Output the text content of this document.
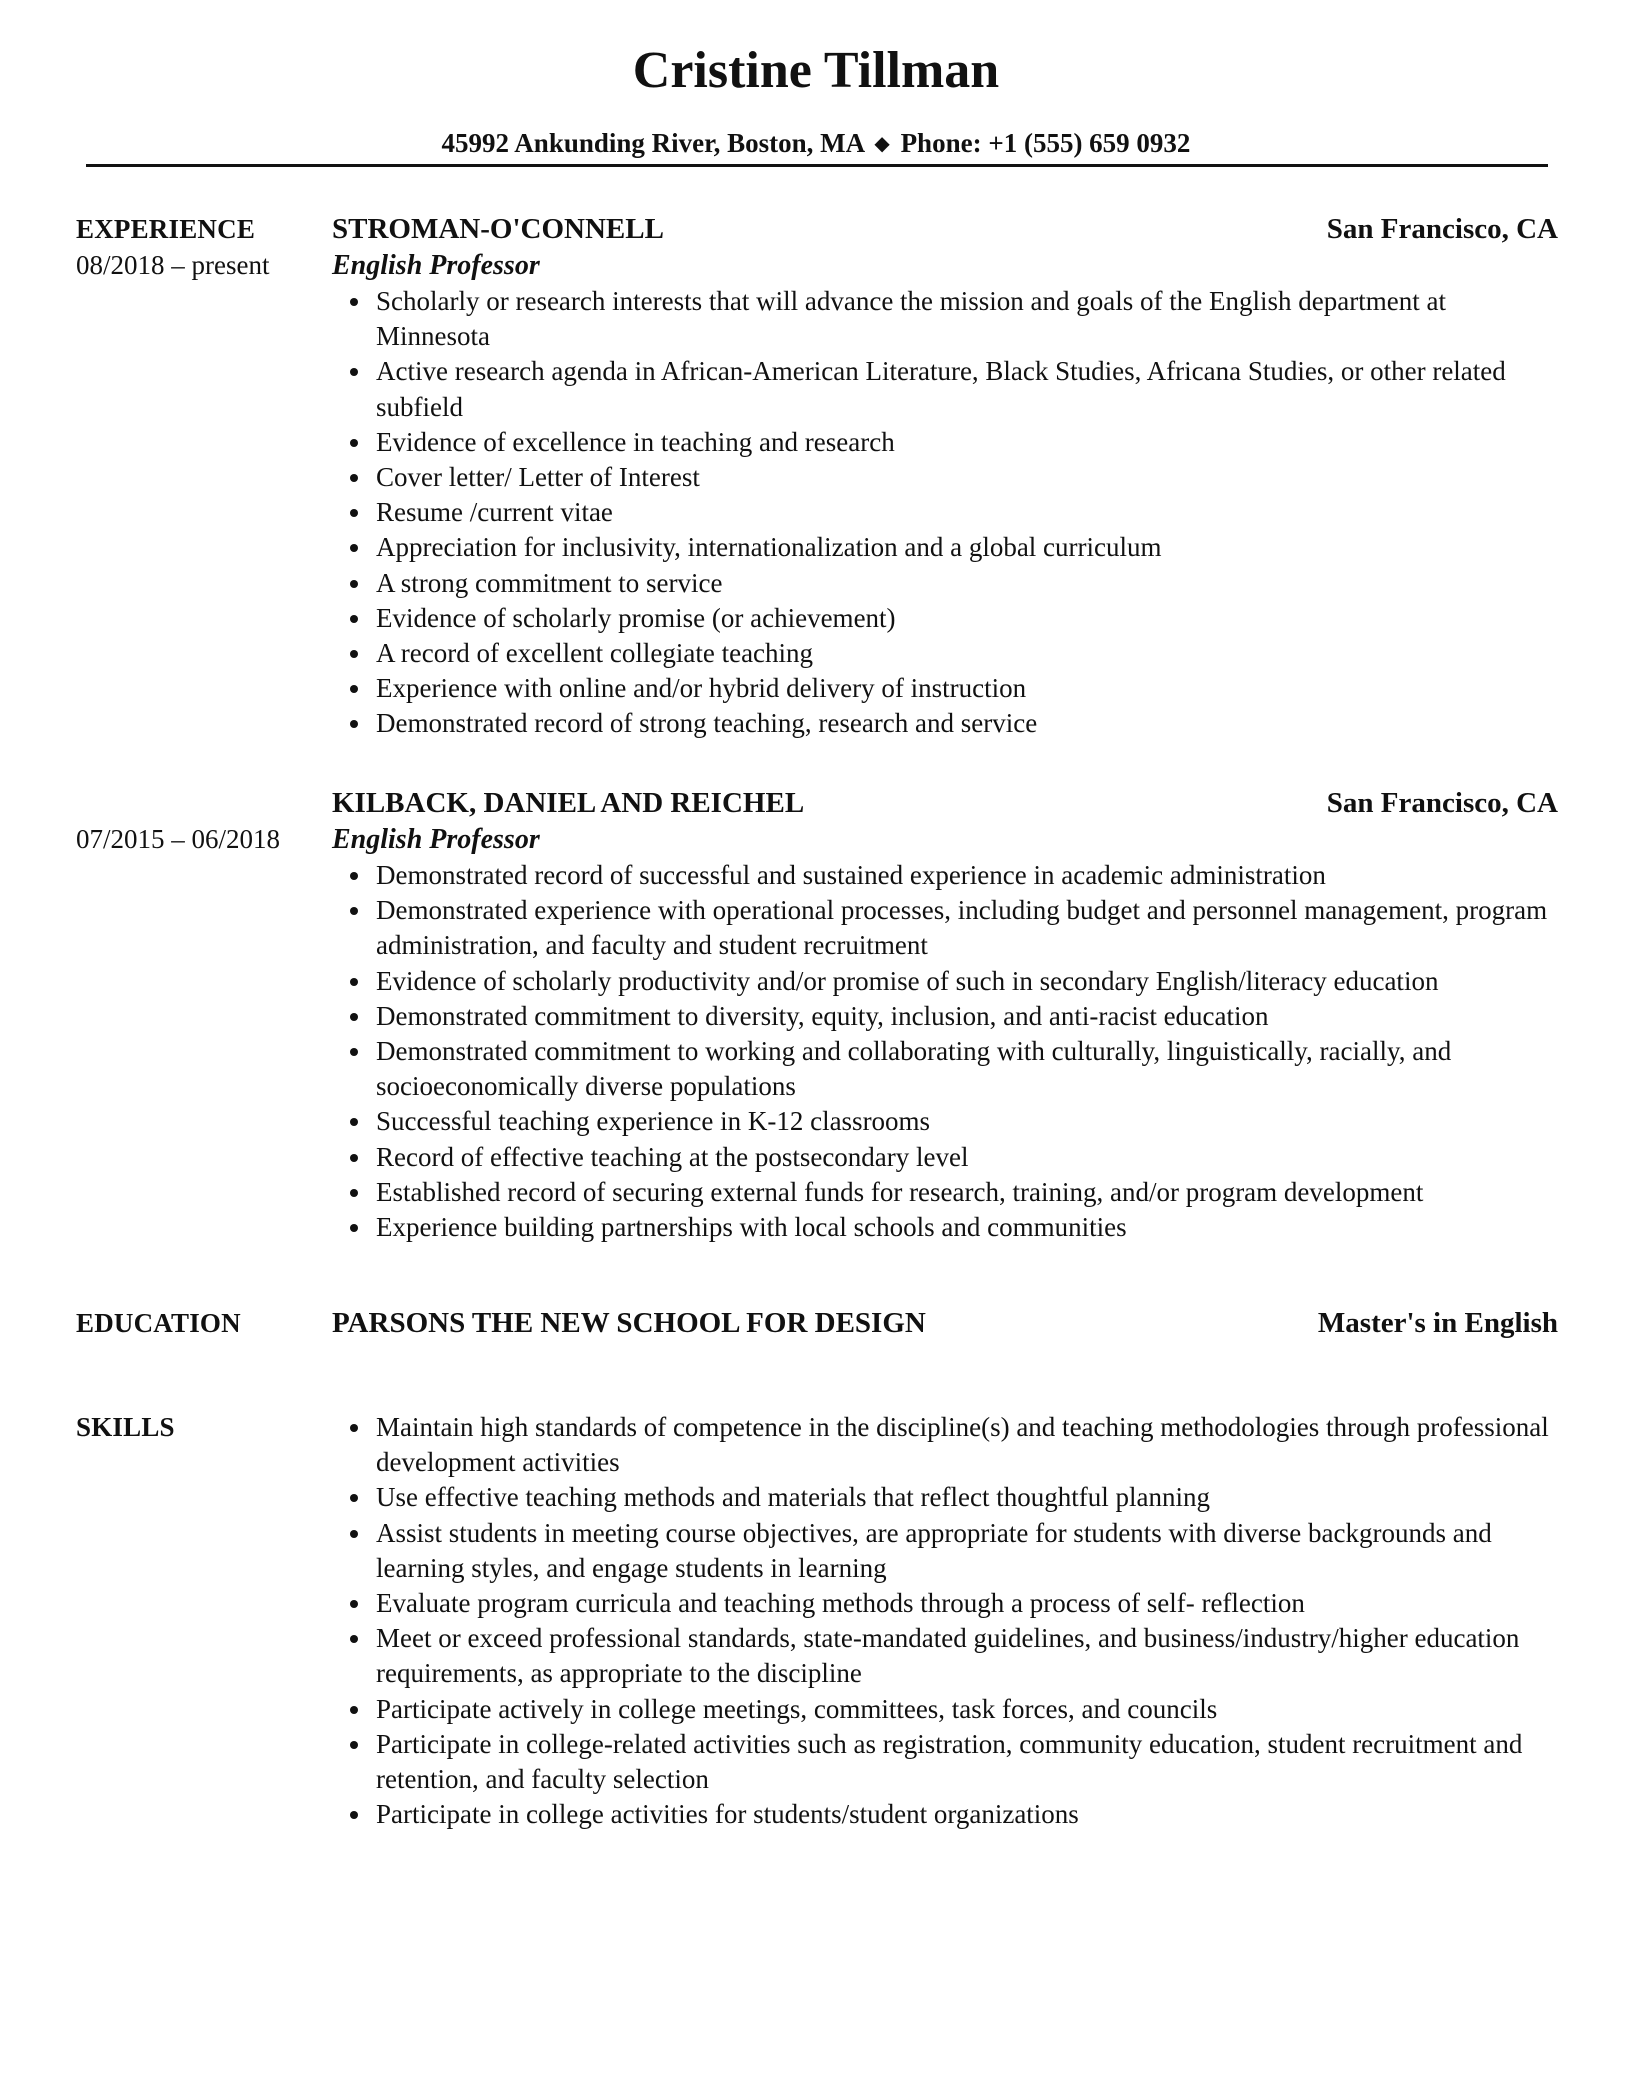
Cristine Tillman
45992 Ankunding River, Boston, MA ◆ Phone: +1 (555) 659 0932
EXPERIENCE
08/2018 – present
STROMAN-O'CONNELL	San Francisco, CA
English Professor
Scholarly or research interests that will advance the mission and goals of the English department at Minnesota
Active research agenda in African-American Literature, Black Studies, Africana Studies, or other related subfield
Evidence of excellence in teaching and research
Cover letter/ Letter of Interest
Resume /current vitae
Appreciation for inclusivity, internationalization and a global curriculum
A strong commitment to service
Evidence of scholarly promise (or achievement)
A record of excellent collegiate teaching
Experience with online and/or hybrid delivery of instruction
Demonstrated record of strong teaching, research and service
07/2015 – 06/2018
KILBACK, DANIEL AND REICHEL	San Francisco, CA
English Professor
Demonstrated record of successful and sustained experience in academic administration
Demonstrated experience with operational processes, including budget and personnel management, program administration, and faculty and student recruitment
Evidence of scholarly productivity and/or promise of such in secondary English/literacy education
Demonstrated commitment to diversity, equity, inclusion, and anti-racist education
Demonstrated commitment to working and collaborating with culturally, linguistically, racially, and socioeconomically diverse populations
Successful teaching experience in K-12 classrooms
Record of effective teaching at the postsecondary level
Established record of securing external funds for research, training, and/or program development
Experience building partnerships with local schools and communities
EDUCATION	PARSONS THE NEW SCHOOL FOR DESIGN	Master's in English
SKILLS	Maintain high standards of competence in the discipline(s) and teaching methodologies through professional development activities
Use effective teaching methods and materials that reflect thoughtful planning
Assist students in meeting course objectives, are appropriate for students with diverse backgrounds and learning styles, and engage students in learning
Evaluate program curricula and teaching methods through a process of self- reflection
Meet or exceed professional standards, state-mandated guidelines, and business/industry/higher education requirements, as appropriate to the discipline
Participate actively in college meetings, committees, task forces, and councils
Participate in college-related activities such as registration, community education, student recruitment and retention, and faculty selection
Participate in college activities for students/student organizations
